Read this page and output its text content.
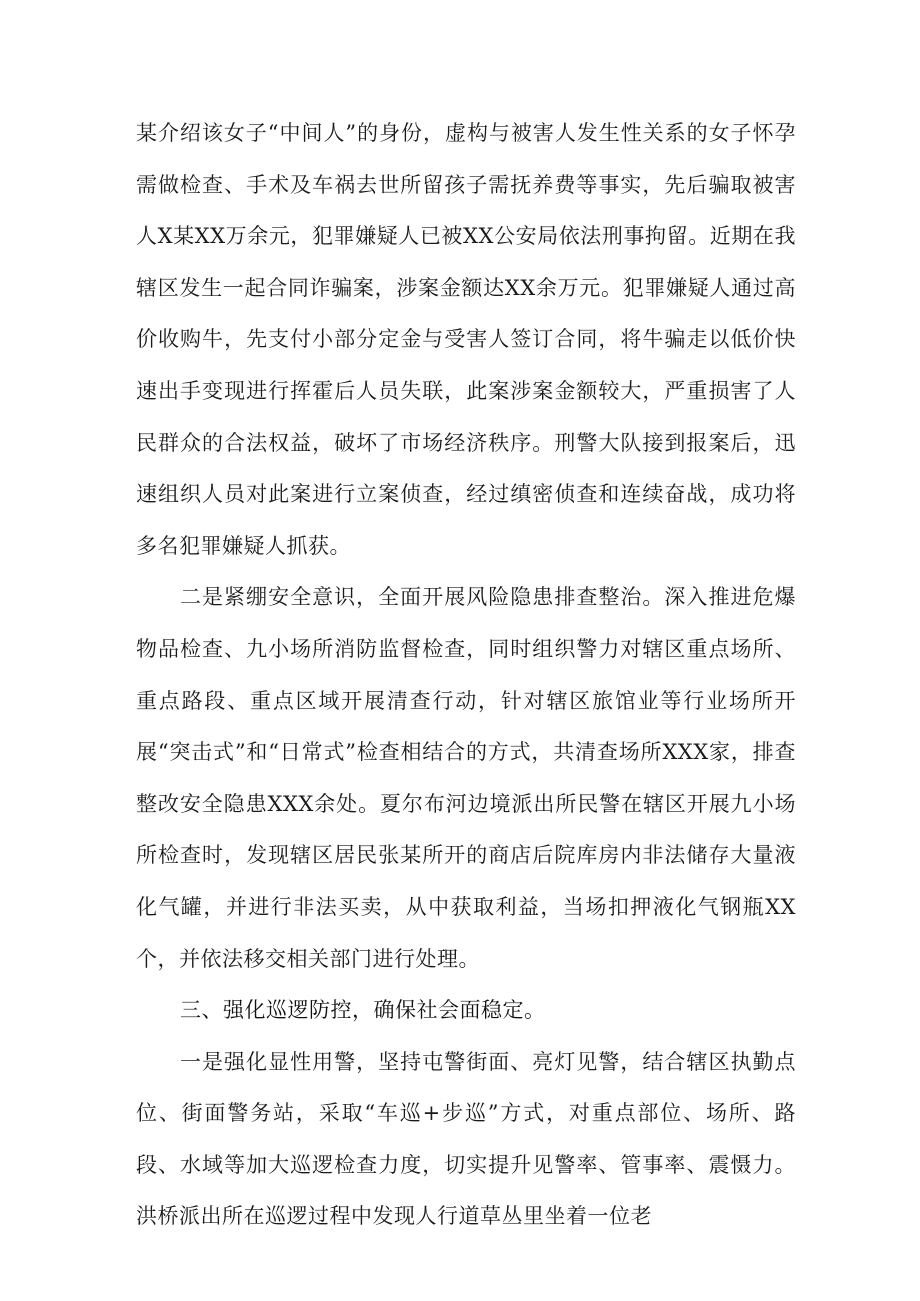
某介绍该女子“中间人”的身份，虚构与被害人发生性关系的女子怀孕需做检查、手术及车祸去世所留孩子需抚养费等事实，先后骗取被害人X某XX万余元，犯罪嫌疑人已被XX公安局依法刑事拘留。近期在我辖区发生一起合同诈骗案，涉案金额达XX余万元。犯罪嫌疑人通过高价收购牛，先支付小部分定金与受害人签订合同，将牛骗走以低价快速出手变现进行挥霍后人员失联，此案涉案金额较大，严重损害了人民群众的合法权益，破坏了市场经济秩序。刑警大队接到报案后，迅速组织人员对此案进行立案侦查，经过缜密侦查和连续奋战，成功将多名犯罪嫌疑人抓获。

二是紧绷安全意识，全面开展风险隐患排查整治。深入推进危爆物品检查、九小场所消防监督检查，同时组织警力对辖区重点场所、重点路段、重点区域开展清查行动，针对辖区旅馆业等行业场所开展“突击式”和“日常式”检查相结合的方式，共清查场所XXX家，排查整改安全隐患XXX余处。夏尔布河边境派出所民警在辖区开展九小场所检查时，发现辖区居民张某所开的商店后院库房内非法储存大量液化气罐，并进行非法买卖，从中获取利益，当场扣押液化气钢瓶XX个，并依法移交相关部门进行处理。

三、强化巡逻防控，确保社会面稳定。

一是强化显性用警，坚持屯警街面、亮灯见警，结合辖区执勤点位、街面警务站，采取“车巡+步巡”方式，对重点部位、场所、路段、水域等加大巡逻检查力度，切实提升见警率、管事率、震慑力。洪桥派出所在巡逻过程中发现人行道草丛里坐着一位老
